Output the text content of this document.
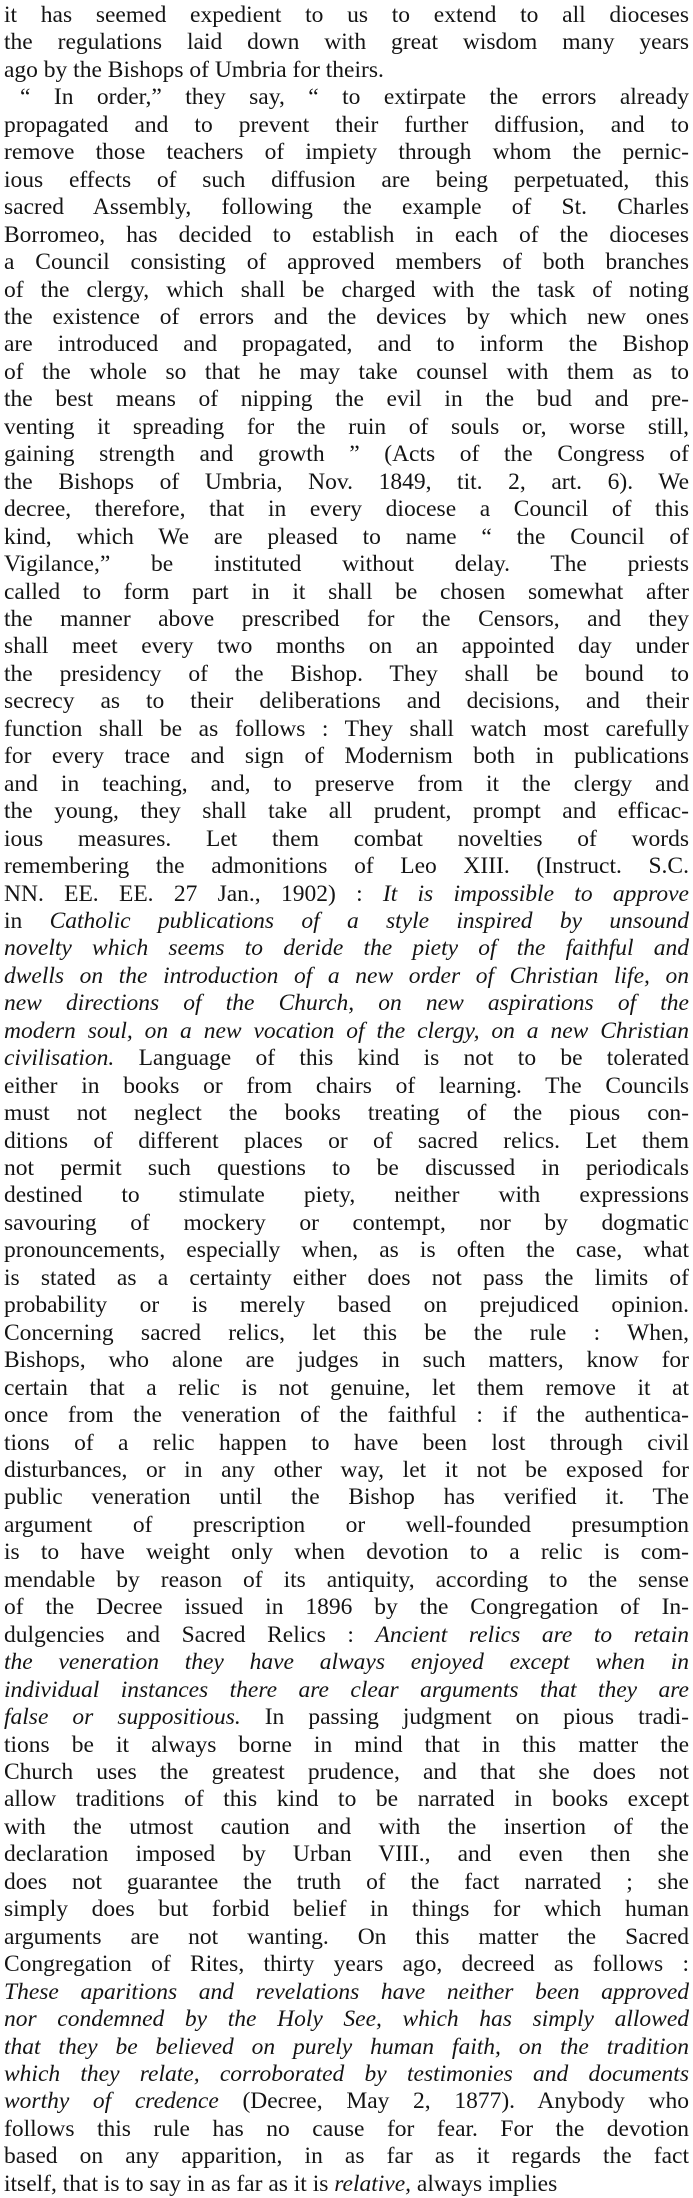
it has seemed expedient to us to extend to all dioceses
the regulations laid down with great wisdom many years
ago by the Bishops of Umbria for theirs.
“ In order,” they say, “ to extirpate the errors already
propagated and to prevent their further diffusion, and to
remove those teachers of impiety through whom the pernic-
ious effects of such diffusion are being perpetuated, this
sacred Assembly, following the example of St. Charles
Borromeo, has decided to establish in each of the dioceses
a Council consisting of approved members of both branches
of the clergy, which shall be charged with the task of noting
the existence of errors and the devices by which new ones
are introduced and propagated, and to inform the Bishop
of the whole so that he may take counsel with them as to
the best means of nipping the evil in the bud and pre-
venting it spreading for the ruin of souls or, worse still,
gaining strength and growth ” (Acts of the Congress of
the Bishops of Umbria, Nov. 1849, tit. 2, art. 6). We
decree, therefore, that in every diocese a Council of this
kind, which We are pleased to name “ the Council of
Vigilance,” be instituted without delay. The priests
called to form part in it shall be chosen somewhat after
the manner above prescribed for the Censors, and they
shall meet every two months on an appointed day under
the presidency of the Bishop. They shall be bound to
secrecy as to their deliberations and decisions, and their
function shall be as follows : They shall watch most carefully
for every trace and sign of Modernism both in publications
and in teaching, and, to preserve from it the clergy and
the young, they shall take all prudent, prompt and efficac-
ious measures. Let them combat novelties of words
remembering the admonitions of Leo XIII. (Instruct. S.C.
NN. EE. EE. 27 Jan., 1902) : It is impossible to approve
in Catholic publications of a style inspired by unsound
novelty which seems to deride the piety of the faithful and
dwells on the introduction of a new order of Christian life, on
new directions of the Church, on new aspirations of the
modern soul, on a new vocation of the clergy, on a new Christian
civilisation. Language of this kind is not to be tolerated
either in books or from chairs of learning. The Councils
must not neglect the books treating of the pious con-
ditions of different places or of sacred relics. Let them
not permit such questions to be discussed in periodicals
destined to stimulate piety, neither with expressions
savouring of mockery or contempt, nor by dogmatic
pronouncements, especially when, as is often the case, what
is stated as a certainty either does not pass the limits of
probability or is merely based on prejudiced opinion.
Concerning sacred relics, let this be the rule : When,
Bishops, who alone are judges in such matters, know for
certain that a relic is not genuine, let them remove it at
once from the veneration of the faithful : if the authentica-
tions of a relic happen to have been lost through civil
disturbances, or in any other way, let it not be exposed for
public veneration until the Bishop has verified it. The
argument of prescription or well-founded presumption
is to have weight only when devotion to a relic is com-
mendable by reason of its antiquity, according to the sense
of the Decree issued in 1896 by the Congregation of In-
dulgencies and Sacred Relics : Ancient relics are to retain
the veneration they have always enjoyed except when in
individual instances there are clear arguments that they are
false or suppositious. In passing judgment on pious tradi-
tions be it always borne in mind that in this matter the
Church uses the greatest prudence, and that she does not
allow traditions of this kind to be narrated in books except
with the utmost caution and with the insertion of the
declaration imposed by Urban VIII., and even then she
does not guarantee the truth of the fact narrated ; she
simply does but forbid belief in things for which human
arguments are not wanting. On this matter the Sacred
Congregation of Rites, thirty years ago, decreed as follows :
These aparitions and revelations have neither been approved
nor condemned by the Holy See, which has simply allowed
that they be believed on purely human faith, on the tradition
which they relate, corroborated by testimonies and documents
worthy of credence (Decree, May 2, 1877). Anybody who
follows this rule has no cause for fear. For the devotion
based on any apparition, in as far as it regards the fact
itself, that is to say in as far as it is relative, always implies
